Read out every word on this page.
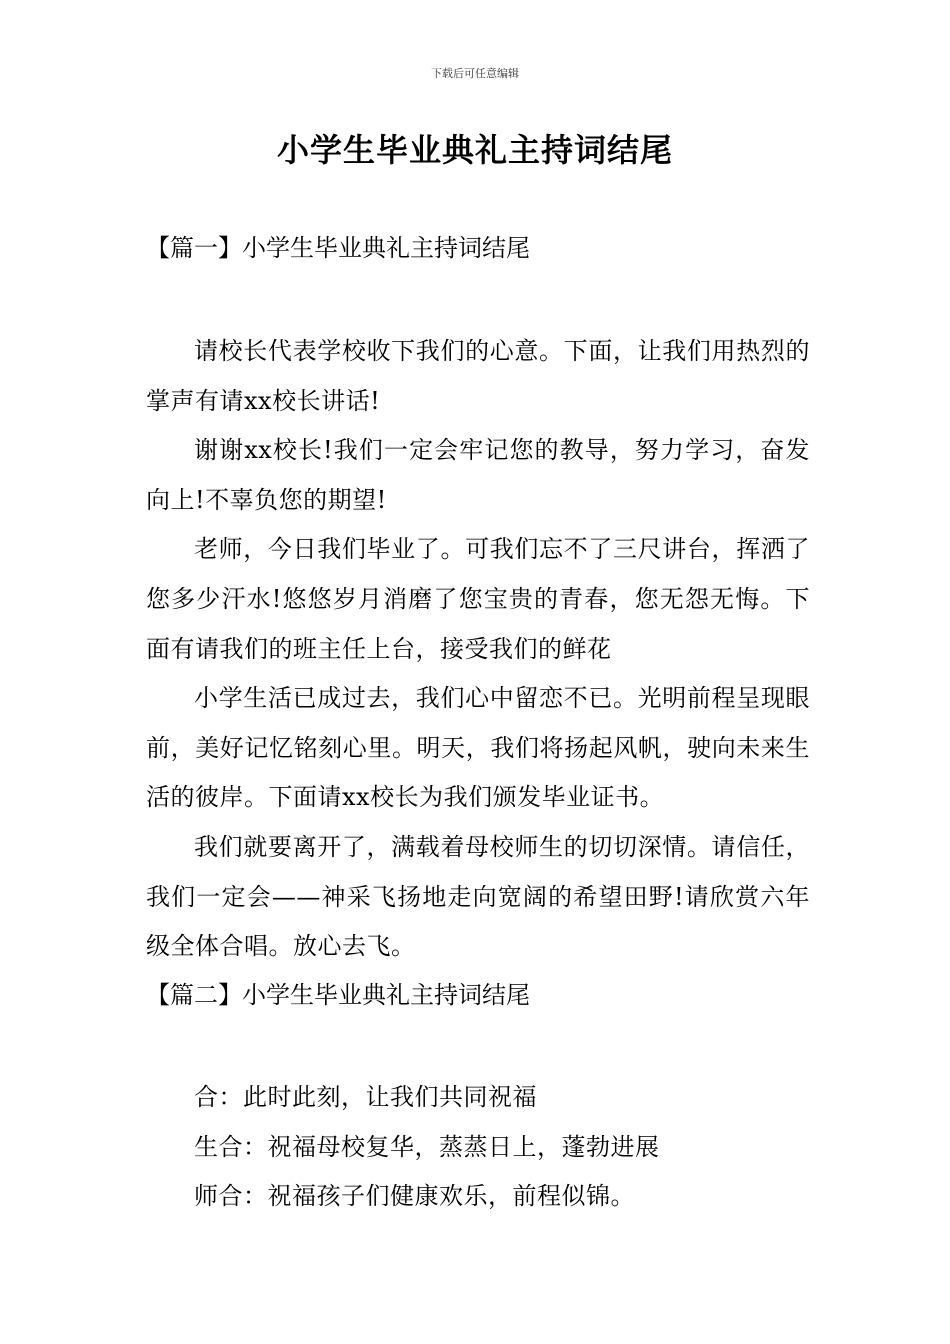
下载后可任意编辑
小学生毕业典礼主持词结尾
【篇一】小学生毕业典礼主持词结尾

请校长代表学校收下我们的心意。下面，让我们用热烈的掌声有请xx校长讲话!

谢谢xx校长!我们一定会牢记您的教导，努力学习，奋发向上!不辜负您的期望!

老师，今日我们毕业了。可我们忘不了三尺讲台，挥洒了您多少汗水!悠悠岁月消磨了您宝贵的青春，您无怨无悔。下面有请我们的班主任上台，接受我们的鲜花

小学生活已成过去，我们心中留恋不已。光明前程呈现眼前，美好记忆铭刻心里。明天，我们将扬起风帆，驶向未来生活的彼岸。下面请xx校长为我们颁发毕业证书。

我们就要离开了，满载着母校师生的切切深情。请信任，我们一定会——神采飞扬地走向宽阔的希望田野!请欣赏六年级全体合唱。放心去飞。

【篇二】小学生毕业典礼主持词结尾

合：此时此刻，让我们共同祝福

生合：祝福母校复华，蒸蒸日上，蓬勃进展

师合：祝福孩子们健康欢乐，前程似锦。
